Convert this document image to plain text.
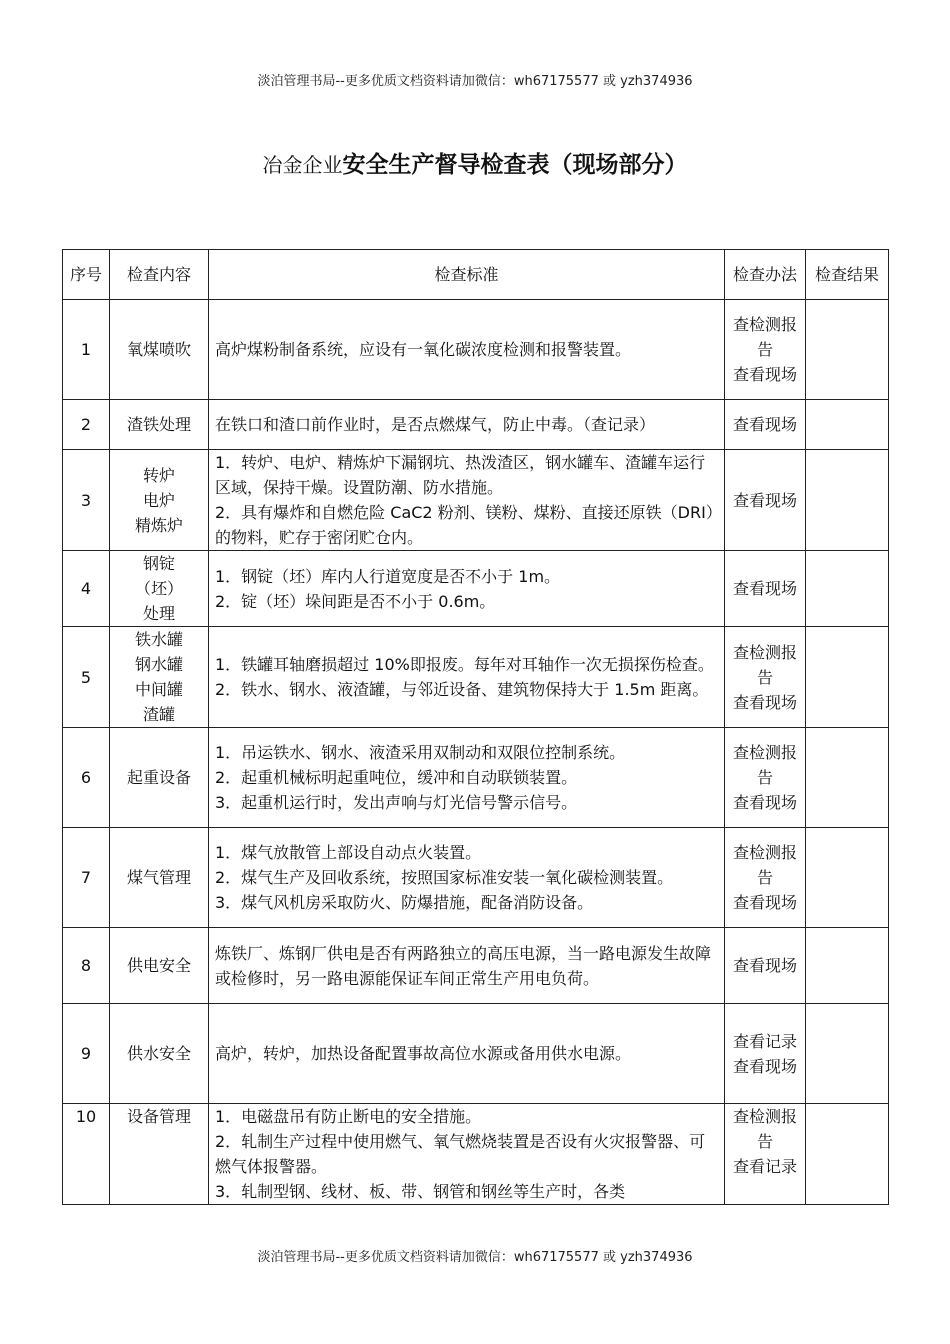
淡泊管理书局--更多优质文档资料请加微信：wh67175577 或 yzh374936
冶金企业安全生产督导检查表（现场部分）
序号	检查内容	检查标准	检查办法	检查结果
1	氧煤喷吹	高炉煤粉制备系统，应设有一氧化碳浓度检测和报警装置。	查检测报告
查看现场	

2	渣铁处理	在铁口和渣口前作业时，是否点燃煤气，防止中毒。（查记录）	查看现场	

3	转炉
电炉
精炼炉	1．转炉、电炉、精炼炉下漏钢坑、热泼渣区，钢水罐车、渣罐车运行区域，保持干燥。设置防潮、防水措施。
2．具有爆炸和自燃危险 CaC2 粉剂、镁粉、煤粉、直接还原铁（DRI）的物料，贮存于密闭贮仓内。	查看现场	

4	钢锭
（坯）
处理	1．钢锭（坯）库内人行道宽度是否不小于 1m。
2．锭（坯）垛间距是否不小于 0.6m。	查看现场	

5	铁水罐
钢水罐
中间罐
渣罐	1．铁罐耳轴磨损超过 10%即报废。每年对耳轴作一次无损探伤检查。
2．铁水、钢水、液渣罐，与邻近设备、建筑物保持大于 1.5m 距离。	查检测报告
查看现场	

6	起重设备	1．吊运铁水、钢水、液渣采用双制动和双限位控制系统。
2．起重机械标明起重吨位，缓冲和自动联锁装置。
3．起重机运行时，发出声响与灯光信号警示信号。	查检测报告
查看现场	

7	煤气管理	1．煤气放散管上部设自动点火装置。
2．煤气生产及回收系统，按照国家标准安装一氧化碳检测装置。
3．煤气风机房采取防火、防爆措施，配备消防设备。	查检测报告
查看现场	

8	供电安全	炼铁厂、炼钢厂供电是否有两路独立的高压电源，当一路电源发生故障或检修时，另一路电源能保证车间正常生产用电负荷。	查看现场	

9	供水安全	高炉，转炉，加热设备配置事故高位水源或备用供水电源。	查看记录
查看现场	

10	设备管理	1．电磁盘吊有防止断电的安全措施。
2．轧制生产过程中使用燃气、氧气燃烧装置是否设有火灾报警器、可燃气体报警器。
3．轧制型钢、线材、板、带、钢管和钢丝等生产时，各类	查检测报告
查看记录	

淡泊管理书局--更多优质文档资料请加微信：wh67175577 或 yzh374936
